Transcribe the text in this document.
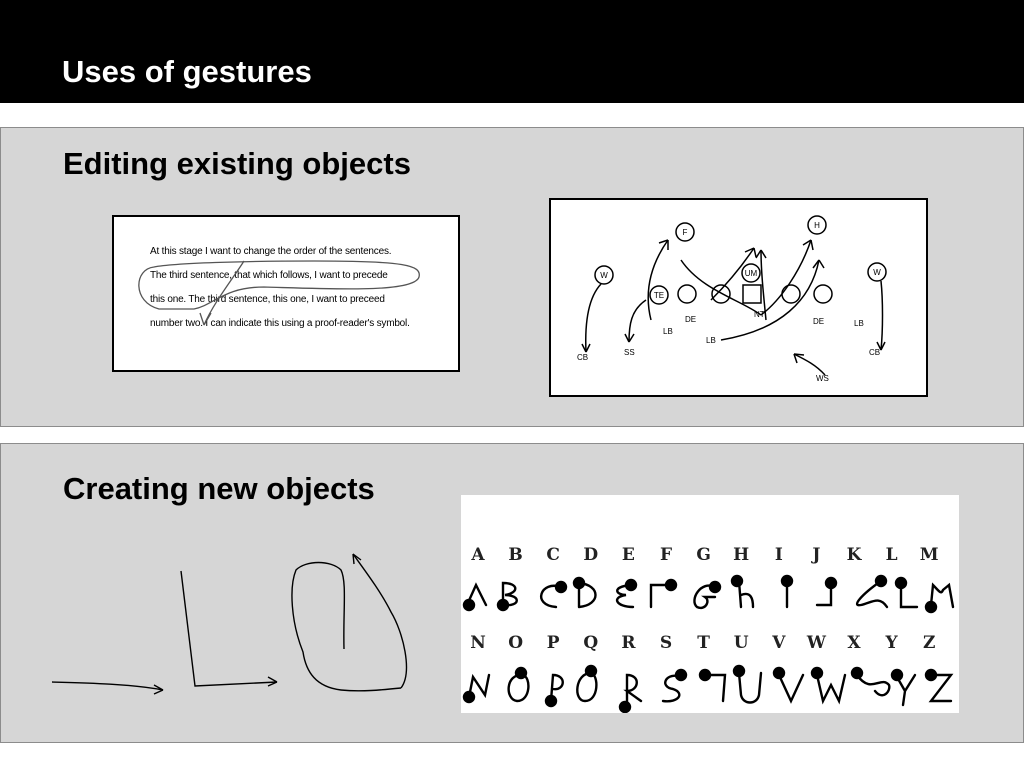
Uses of gestures
Editing existing objects
At this stage I want to change the order of the sentences.
The third sentence, that which follows, I want to precede
this one. The third sentence, this one, I want to preceed
number two. I can indicate this using a proof-reader's symbol.
W
F
H
W
TE
UM
DE
NT
DE
LB
LB
LB
CB
SS	CB
WS
Creating new objects
A B C D E F G H I J K L M
N O P Q R S T U V W X Y Z
